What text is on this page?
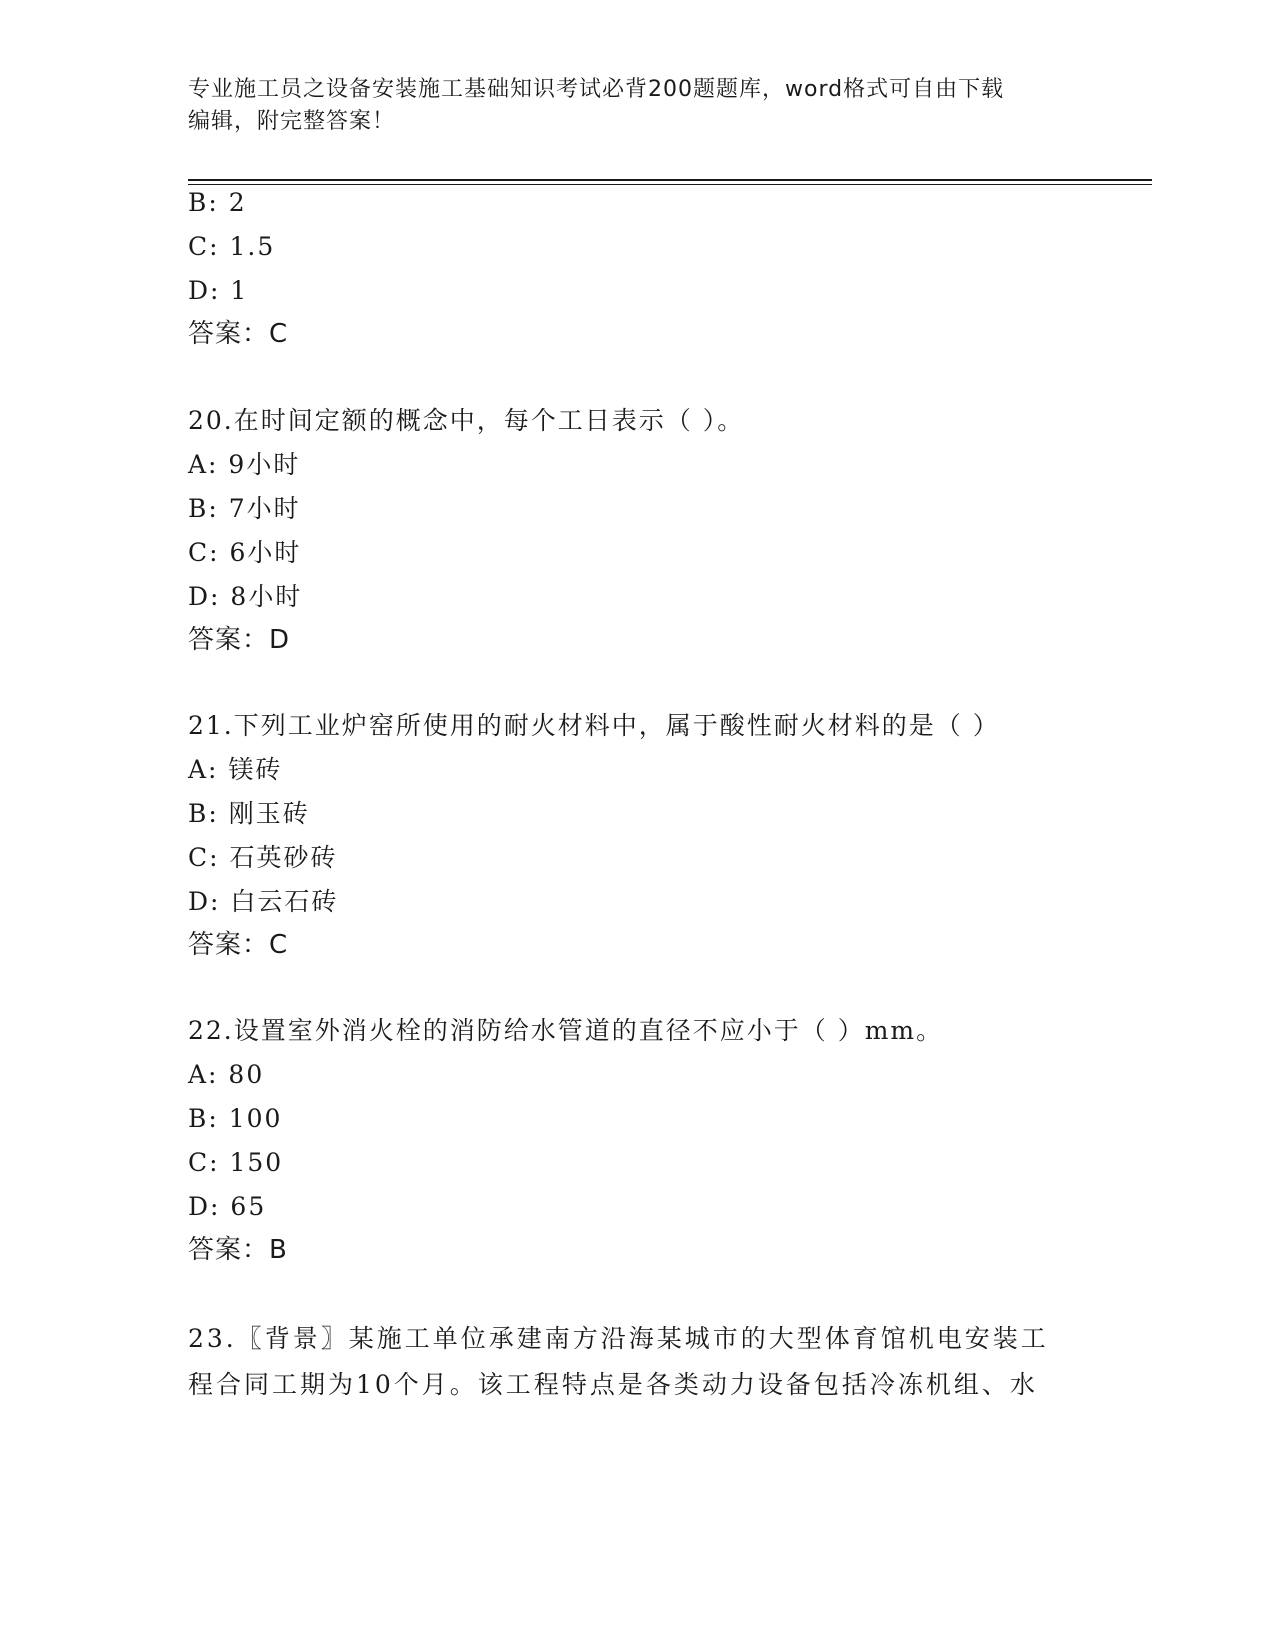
专业施工员之设备安装施工基础知识考试必背200题题库，word格式可自由下载
编辑，附完整答案！
B: 2
C: 1.5
D: 1
答案：C
20.在时间定额的概念中，每个工日表示（ ）。
A: 9小时
B: 7小时
C: 6小时
D: 8小时
答案：D
21.下列工业炉窑所使用的耐火材料中，属于酸性耐火材料的是（ ）
A: 镁砖
B: 刚玉砖
C: 石英砂砖
D: 白云石砖
答案：C
22.设置室外消火栓的消防给水管道的直径不应小于（ ）mm。
A: 80
B: 100
C: 150
D: 65
答案：B
23.〖背景〗某施工单位承建南方沿海某城市的大型体育馆机电安装工
程合同工期为10个月。该工程特点是各类动力设备包括冷冻机组、水
